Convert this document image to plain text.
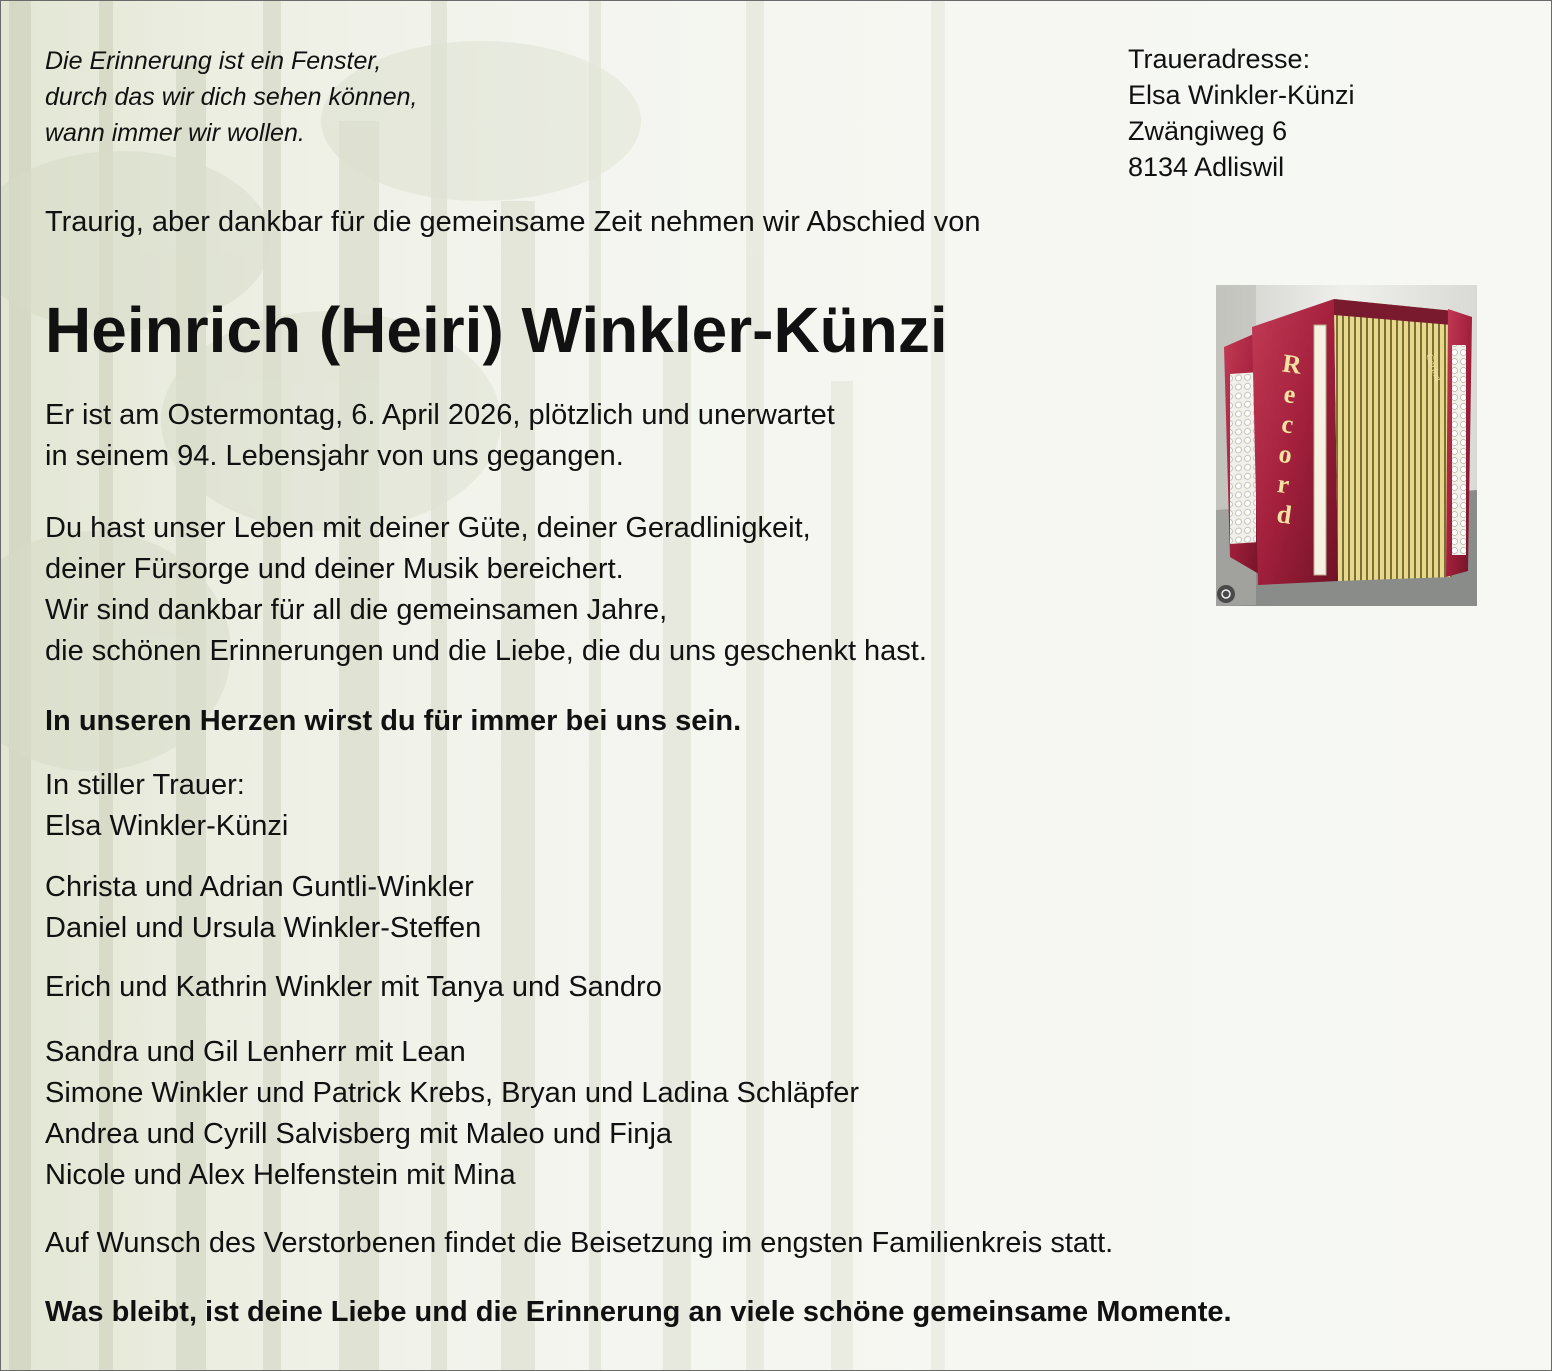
Die Erinnerung ist ein Fenster,
durch das wir dich sehen können,
wann immer wir wollen.

Traueradresse:
Elsa Winkler-Künzi
Zwängiweg 6
8134 Adliswil

Traurig, aber dankbar für die gemeinsame Zeit nehmen wir Abschied von

Heinrich (Heiri) Winkler-Künzi

Er ist am Ostermontag, 6. April 2026, plötzlich und unerwartet
in seinem 94. Lebensjahr von uns gegangen.

Du hast unser Leben mit deiner Güte, deiner Geradlinigkeit,
deiner Fürsorge und deiner Musik bereichert.
Wir sind dankbar für all die gemeinsamen Jahre,
die schönen Erinnerungen und die Liebe, die du uns geschenkt hast.

In unseren Herzen wirst du für immer bei uns sein.

In stiller Trauer:
Elsa Winkler-Künzi

Christa und Adrian Guntli-Winkler
Daniel und Ursula Winkler-Steffen

Erich und Kathrin Winkler mit Tanya und Sandro

Sandra und Gil Lenherr mit Lean
Simone Winkler und Patrick Krebs, Bryan und Ladina Schläpfer
Andrea und Cyrill Salvisberg mit Maleo und Finja
Nicole und Alex Helfenstein mit Mina

Auf Wunsch des Verstorbenen findet die Beisetzung im engsten Familienkreis statt.

Was bleibt, ist deine Liebe und die Erinnerung an viele schöne gemeinsame Momente.

R e c o r d
Carina
